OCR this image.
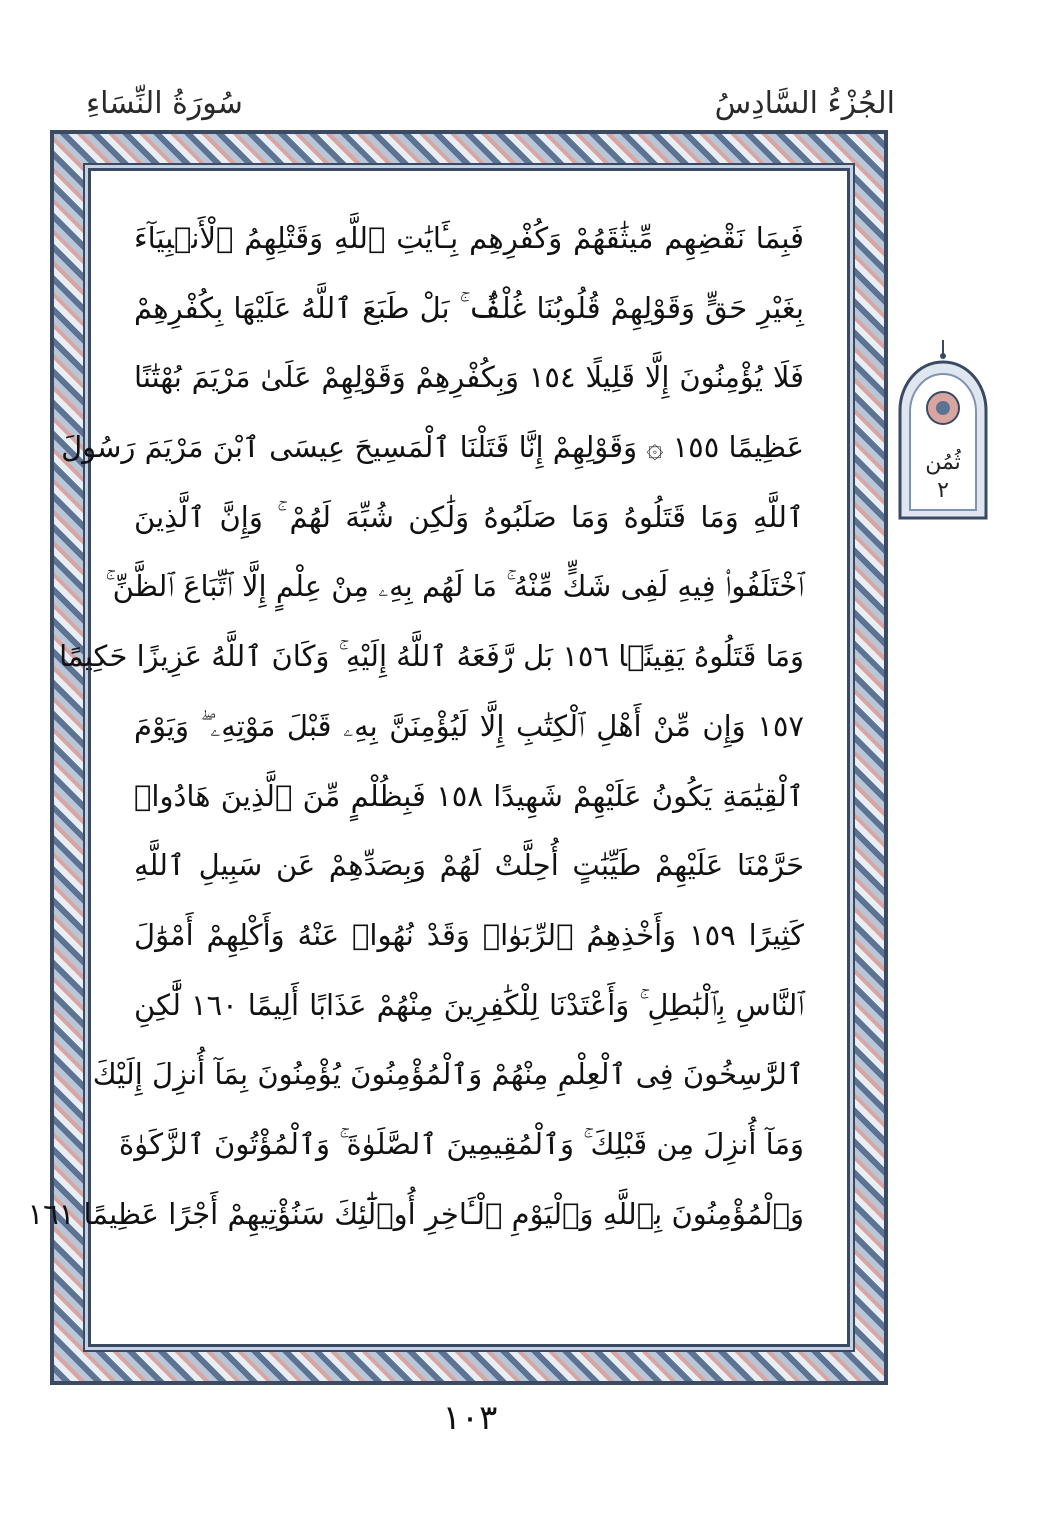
سُورَةُ النِّسَاءِ	الجُزْءُ السَّادِسُ
فَبِمَا نَقْضِهِم مِّيثَٰقَهُمْ وَكُفْرِهِم بِـَٔايَٰتِ ٱللَّهِ وَقَتْلِهِمُ ٱلْأَنۢبِيَآءَ
بِغَيْرِ حَقٍّ وَقَوْلِهِمْ قُلُوبُنَا غُلْفٌۢ ۚ بَلْ طَبَعَ ٱللَّهُ عَلَيْهَا بِكُفْرِهِمْ
فَلَا يُؤْمِنُونَ إِلَّا قَلِيلًا ١٥٤ وَبِكُفْرِهِمْ وَقَوْلِهِمْ عَلَىٰ مَرْيَمَ بُهْتَٰنًا
عَظِيمًا ١٥٥ ۞ وَقَوْلِهِمْ إِنَّا قَتَلْنَا ٱلْمَسِيحَ عِيسَى ٱبْنَ مَرْيَمَ رَسُولَ
ٱللَّهِ وَمَا قَتَلُوهُ وَمَا صَلَبُوهُ وَلَٰكِن شُبِّهَ لَهُمْ ۚ وَإِنَّ ٱلَّذِينَ
ٱخْتَلَفُوا۟ فِيهِ لَفِى شَكٍّ مِّنْهُ ۚ مَا لَهُم بِهِۦ مِنْ عِلْمٍ إِلَّا ٱتِّبَاعَ ٱلظَّنِّ ۚ
وَمَا قَتَلُوهُ يَقِينًۢا ١٥٦ بَل رَّفَعَهُ ٱللَّهُ إِلَيْهِ ۚ وَكَانَ ٱللَّهُ عَزِيزًا حَكِيمًا
١٥٧ وَإِن مِّنْ أَهْلِ ٱلْكِتَٰبِ إِلَّا لَيُؤْمِنَنَّ بِهِۦ قَبْلَ مَوْتِهِۦ ۖ وَيَوْمَ
ٱلْقِيَٰمَةِ يَكُونُ عَلَيْهِمْ شَهِيدًا ١٥٨ فَبِظُلْمٍ مِّنَ ٱلَّذِينَ هَادُوا۟
حَرَّمْنَا عَلَيْهِمْ طَيِّبَٰتٍ أُحِلَّتْ لَهُمْ وَبِصَدِّهِمْ عَن سَبِيلِ ٱللَّهِ
كَثِيرًا ١٥٩ وَأَخْذِهِمُ ٱلرِّبَوٰا۟ وَقَدْ نُهُوا۟ عَنْهُ وَأَكْلِهِمْ أَمْوَٰلَ
ٱلنَّاسِ بِٱلْبَٰطِلِ ۚ وَأَعْتَدْنَا لِلْكَٰفِرِينَ مِنْهُمْ عَذَابًا أَلِيمًا ١٦٠ لَّٰكِنِ
ٱلرَّٰسِخُونَ فِى ٱلْعِلْمِ مِنْهُمْ وَٱلْمُؤْمِنُونَ يُؤْمِنُونَ بِمَآ أُنزِلَ إِلَيْكَ
وَمَآ أُنزِلَ مِن قَبْلِكَ ۚ وَٱلْمُقِيمِينَ ٱلصَّلَوٰةَ ۚ وَٱلْمُؤْتُونَ ٱلزَّكَوٰةَ
وَٱلْمُؤْمِنُونَ بِٱللَّهِ وَٱلْيَوْمِ ٱلْـَٔاخِرِ أُو۟لَٰٓئِكَ سَنُؤْتِيهِمْ أَجْرًا عَظِيمًا ١٦١
ثُمُن
٢
١٠٣
